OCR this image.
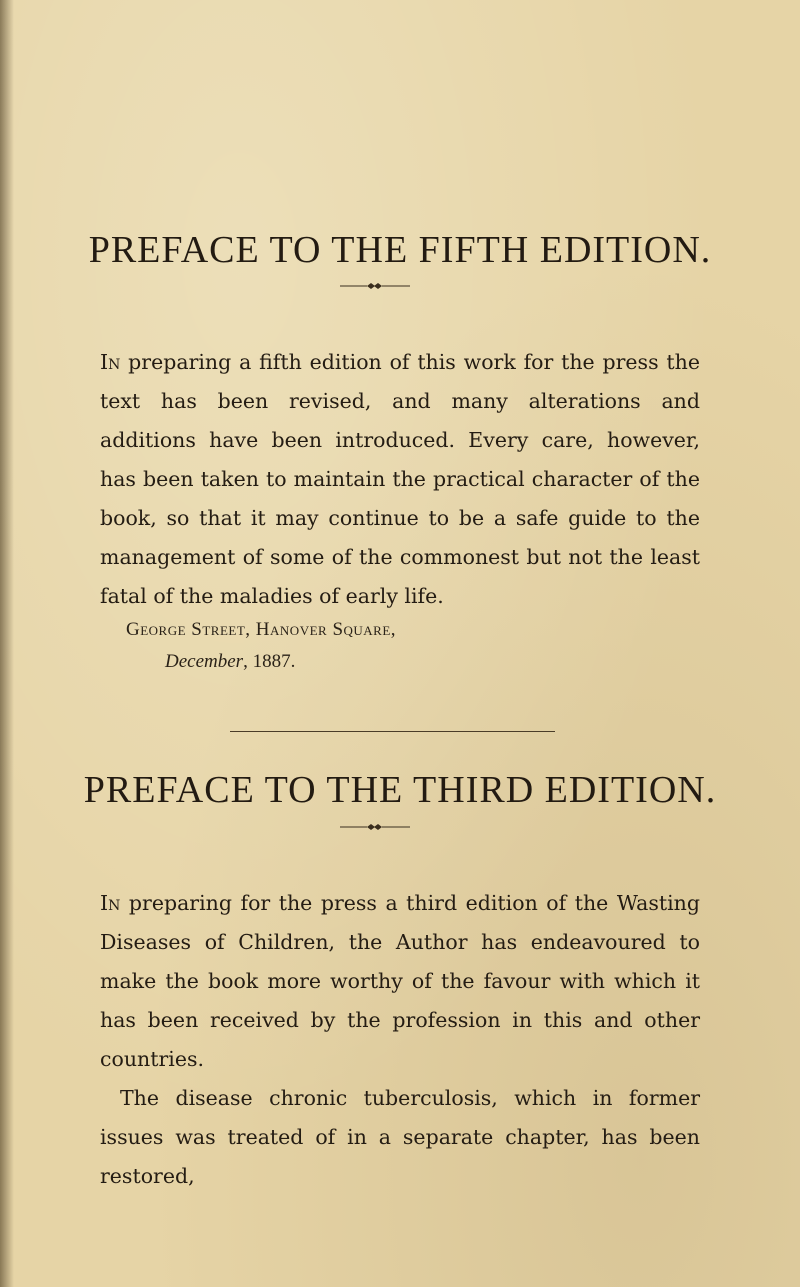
PREFACE TO THE FIFTH EDITION.

In preparing a fifth edition of this work for the press the text has been revised, and many alterations and additions have been introduced. Every care, however, has been taken to maintain the practical character of the book, so that it may continue to be a safe guide to the management of some of the commonest but not the least fatal of the maladies of early life.

George Street, Hanover Square,
December, 1887.
PREFACE TO THE THIRD EDITION.

In preparing for the press a third edition of the Wasting Diseases of Children, the Author has endeavoured to make the book more worthy of the favour with which it has been received by the profession in this and other countries.

The disease chronic tuberculosis, which in former issues was treated of in a separate chapter, has been restored,
